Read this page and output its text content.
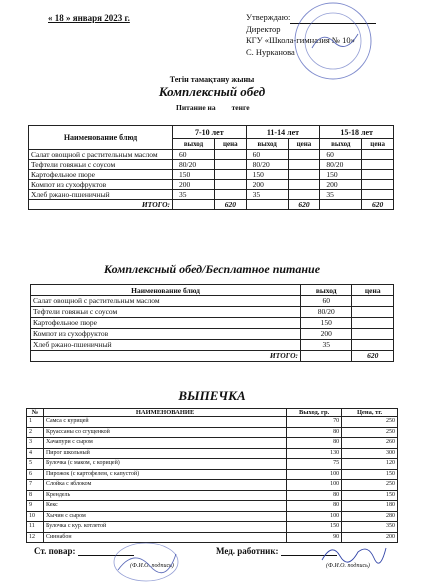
« 18 » января 2023 г.	Утверждаю:
Директор
КГУ «Школа-гимназия № 10»
С. Нурканова
Тегін тамақтану жыны
Комплексный обед
Питание на тенге
Наименование блюд	7-10 лет		11-14 лет		15-18 лет	
	выход	цена	выход	цена	выход	цена
Салат овощной с растительным маслом	60		60		60	
Тефтели говяжьи с соусом	80/20		80/20		80/20	
Картофельное пюре	150		150		150	
Компот из сухофруктов	200		200		200	
Хлеб ржано-пшеничный	35		35		35	
ИТОГО:		620		620		620
Комплексный обед/Бесплатное питание
Наименование блюд	выход	цена
Салат овощной с растительным маслом	60	
Тефтели говяжьи с соусом	80/20	
Картофельное пюре	150	
Компот из сухофруктов	200	
Хлеб ржано-пшеничный	35	
ИТОГО:		620
ВЫПЕЧКА
№	НАИМЕНОВАНИЕ	Выход, гр.	Цена, тг.
1	Самса с курицей	70	250
2	Круассаны со сгущенкой	80	250
3	Хачапури с сыром	80	260
4	Пирог школьный	130	300
5	Булочка (с маком, с корицей)	75	120
6	Пирожок (с картофелем, с капустой)	100	150
7	Слойка с яблоком	100	250
8	Крендель	80	150
9	Кекс	80	180
10	Хычин с сыром	100	280
11	Булочка с кур. котлетой	150	350
12	Синнабон	90	200
Ст. повар:	Мед. работник:
(Ф.И.О. подпись)	(Ф.И.О. подпись)
